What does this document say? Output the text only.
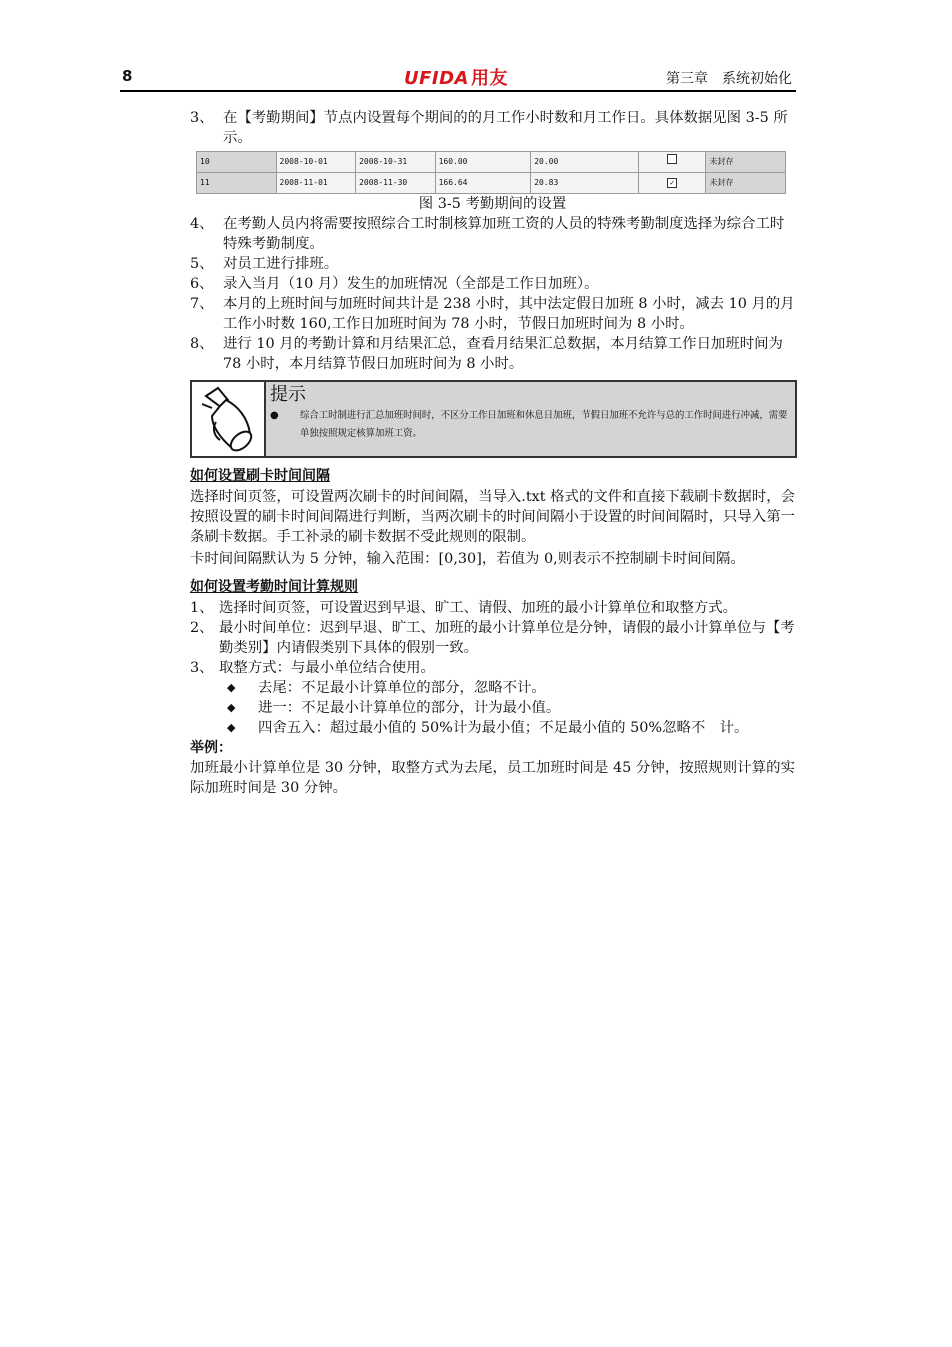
8	UFIDA 用友	第三章　系统初始化
3、 在【考勤期间】节点内设置每个期间的的月工作小时数和月工作日。具体数据见图 3-5 所示。
10	2008-10-01	2008-10-31	160.00	20.00		未封存
11	2008-11-01	2008-11-30	166.64	20.83	✓	未封存
图 3-5 考勤期间的设置
4、 在考勤人员内将需要按照综合工时制核算加班工资的人员的特殊考勤制度选择为综合工时特殊考勤制度。
5、 对员工进行排班。
6、 录入当月（10 月）发生的加班情况（全部是工作日加班）。
7、 本月的上班时间与加班时间共计是 238 小时，其中法定假日加班 8 小时，减去 10 月的月工作小时数 160,工作日加班时间为 78 小时，节假日加班时间为 8 小时。
8、 进行 10 月的考勤计算和月结果汇总，查看月结果汇总数据，本月结算工作日加班时间为 78 小时，本月结算节假日加班时间为 8 小时。
提示
● 综合工时制进行汇总加班时间时，不区分工作日加班和休息日加班，节假日加班不允许与总的工作时间进行冲减，需要单独按照规定核算加班工资。
如何设置刷卡时间间隔
选择时间页签，可设置两次刷卡的时间间隔，当导入.txt 格式的文件和直接下载刷卡数据时，会按照设置的刷卡时间间隔进行判断，当两次刷卡的时间间隔小于设置的时间间隔时，只导入第一条刷卡数据。手工补录的刷卡数据不受此规则的限制。
卡时间间隔默认为 5 分钟，输入范围：[0,30]，若值为 0,则表示不控制刷卡时间间隔。
如何设置考勤时间计算规则
1、 选择时间页签，可设置迟到早退、旷工、请假、加班的最小计算单位和取整方式。
2、 最小时间单位：迟到早退、旷工、加班的最小计算单位是分钟，请假的最小计算单位与【考勤类别】内请假类别下具体的假别一致。
3、 取整方式：与最小单位结合使用。
◆ 去尾：不足最小计算单位的部分，忽略不计。
◆ 进一：不足最小计算单位的部分，计为最小值。
◆ 四舍五入：超过最小值的 50%计为最小值；不足最小值的 50%忽略不　计。
举例：
加班最小计算单位是 30 分钟，取整方式为去尾，员工加班时间是 45 分钟，按照规则计算的实际加班时间是 30 分钟。
